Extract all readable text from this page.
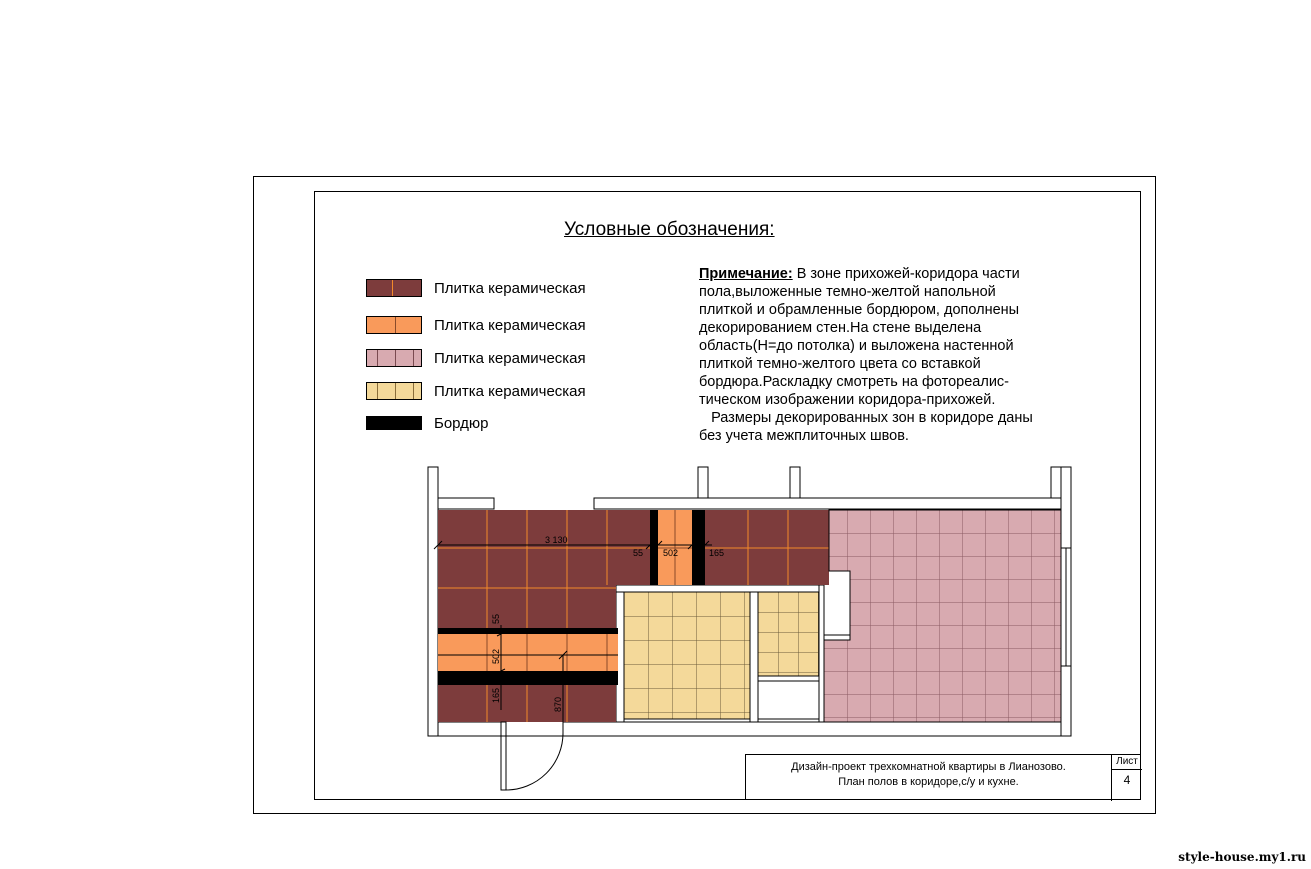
Условные обозначения:
Плитка керамическая
Плитка керамическая
Плитка керамическая
Плитка керамическая
Бордюр
Примечание: В зоне прихожей-коридора части
пола,выложенные темно-желтой напольной
плиткой и обрамленные бордюром, дополнены
декорированием стен.На стене выделена
область(Н=до потолка) и выложена настенной
плиткой темно-желтого цвета со вставкой
бордюра.Раскладку смотреть на фотореалис-
тическом изображении коридора-прихожей.
Размеры декорированных зон в коридоре даны
без учета межплиточных швов.
3 130
55 502	165
55
502
165
870
Дизайн-проект трехкомнатной квартиры в Лианозово.
План полов в коридоре,с/у и кухне.
Лист
4
style-house.my1.ru
